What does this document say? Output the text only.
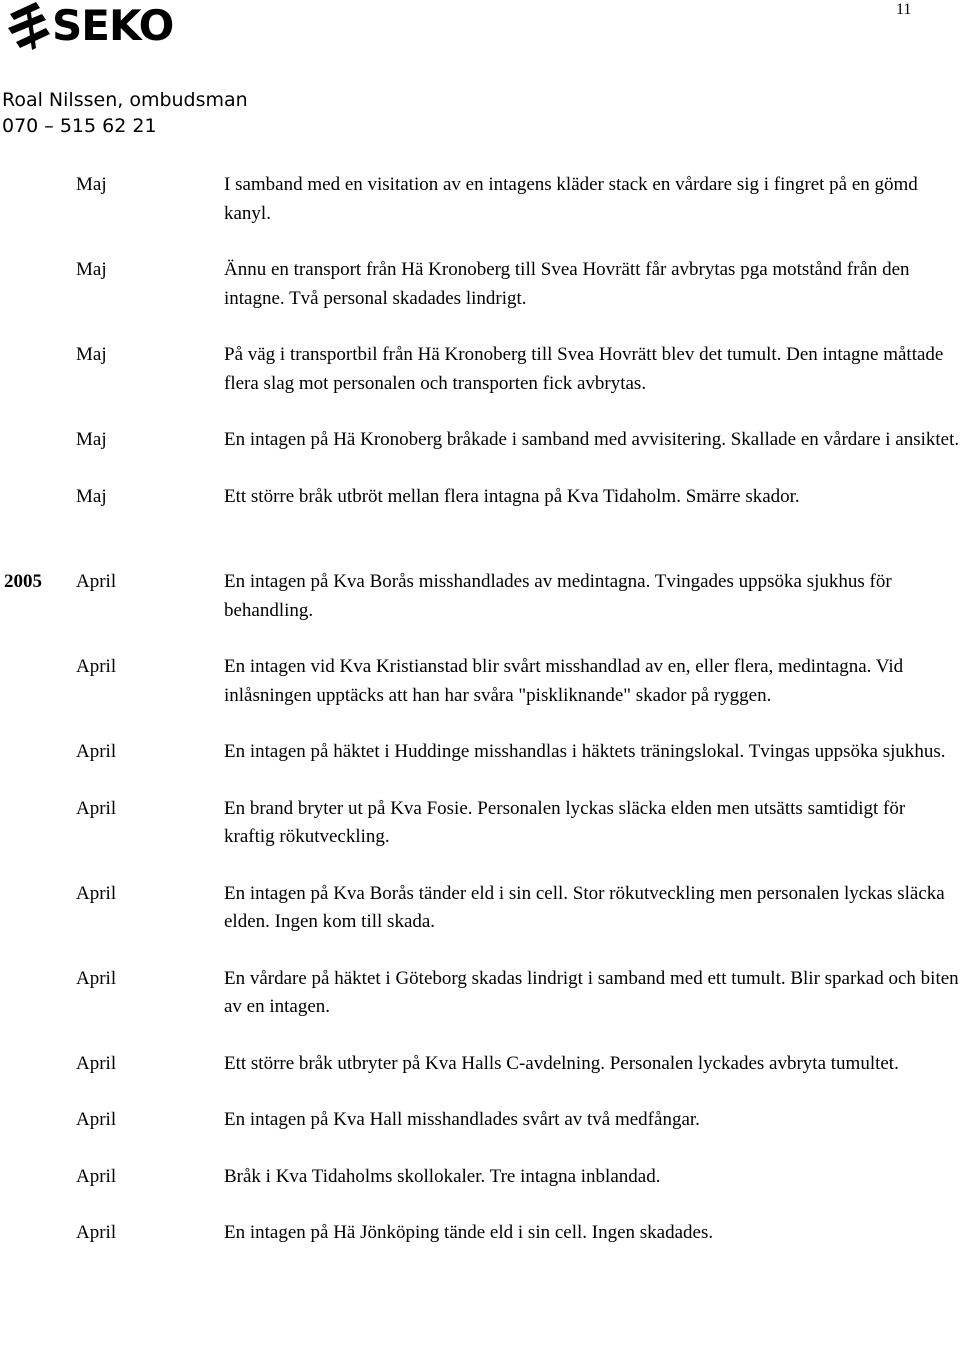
11
SEKO
Roal Nilssen, ombudsman
070 – 515 62 21
Maj	I samband med en visitation av en intagens kläder stack en vårdare sig i fingret på en gömd kanyl.
Maj	Ännu en transport från Hä Kronoberg till Svea Hovrätt får avbrytas pga motstånd från den intagne. Två personal skadades lindrigt.
Maj	På väg i transportbil från Hä Kronoberg till Svea Hovrätt blev det tumult. Den intagne måttade flera slag mot personalen och transporten fick avbrytas.
Maj	En intagen på Hä Kronoberg bråkade i samband med avvisitering. Skallade en vårdare i ansiktet.
Maj	Ett större bråk utbröt mellan flera intagna på Kva Tidaholm. Smärre skador.
2005	April	En intagen på Kva Borås misshandlades av medintagna. Tvingades uppsöka sjukhus för behandling.
April	En intagen vid Kva Kristianstad blir svårt misshandlad av en, eller flera, medintagna. Vid inlåsningen upptäcks att han har svåra "piskliknande" skador på ryggen.
April	En intagen på häktet i Huddinge misshandlas i häktets träningslokal. Tvingas uppsöka sjukhus.
April	En brand bryter ut på Kva Fosie. Personalen lyckas släcka elden men utsätts samtidigt för kraftig rökutveckling.
April	En intagen på Kva Borås tänder eld i sin cell. Stor rökutveckling men personalen lyckas släcka elden. Ingen kom till skada.
April	En vårdare på häktet i Göteborg skadas lindrigt i samband med ett tumult. Blir sparkad och biten av en intagen.
April	Ett större bråk utbryter på Kva Halls C-avdelning. Personalen lyckades avbryta tumultet.
April	En intagen på Kva Hall misshandlades svårt av två medfångar.
April	Bråk i Kva Tidaholms skollokaler. Tre intagna inblandad.
April	En intagen på Hä Jönköping tände eld i sin cell. Ingen skadades.
